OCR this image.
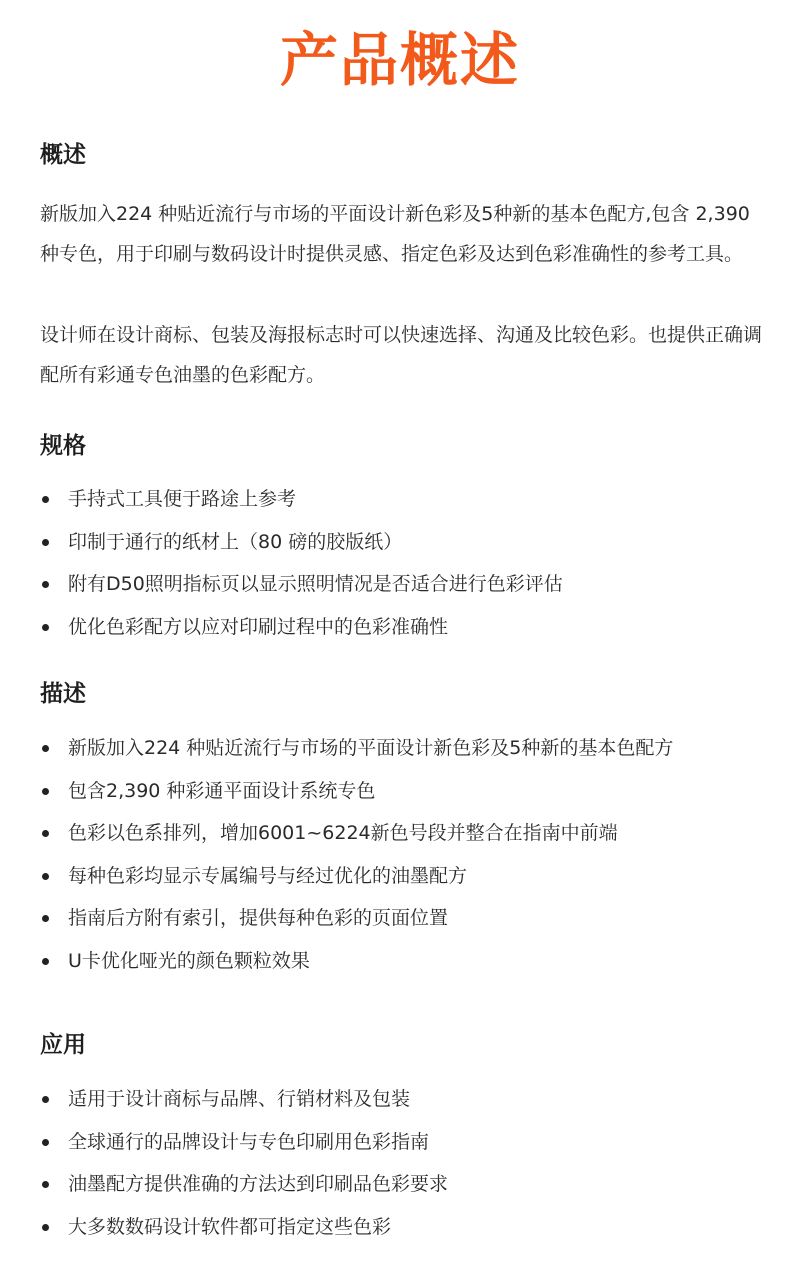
产品概述
概述

新版加入224 种贴近流行与市场的平面设计新色彩及5种新的基本色配方,包含 2,390 种专色，用于印刷与数码设计时提供灵感、指定色彩及达到色彩准确性的参考工具。

设计师在设计商标、包装及海报标志时可以快速选择、沟通及比较色彩。也提供正确调配所有彩通专色油墨的色彩配方。

规格
手持式工具便于路途上参考
印制于通行的纸材上（80 磅的胶版纸）
附有D50照明指标页以显示照明情况是否适合进行色彩评估
优化色彩配方以应对印刷过程中的色彩准确性
描述
新版加入224 种贴近流行与市场的平面设计新色彩及5种新的基本色配方
包含2,390 种彩通平面设计系统专色
色彩以色系排列，增加6001~6224新色号段并整合在指南中前端
每种色彩均显示专属编号与经过优化的油墨配方
指南后方附有索引，提供每种色彩的页面位置
U卡优化哑光的颜色颗粒效果
应用
适用于设计商标与品牌、行销材料及包装
全球通行的品牌设计与专色印刷用色彩指南
油墨配方提供准确的方法达到印刷品色彩要求
大多数数码设计软件都可指定这些色彩
